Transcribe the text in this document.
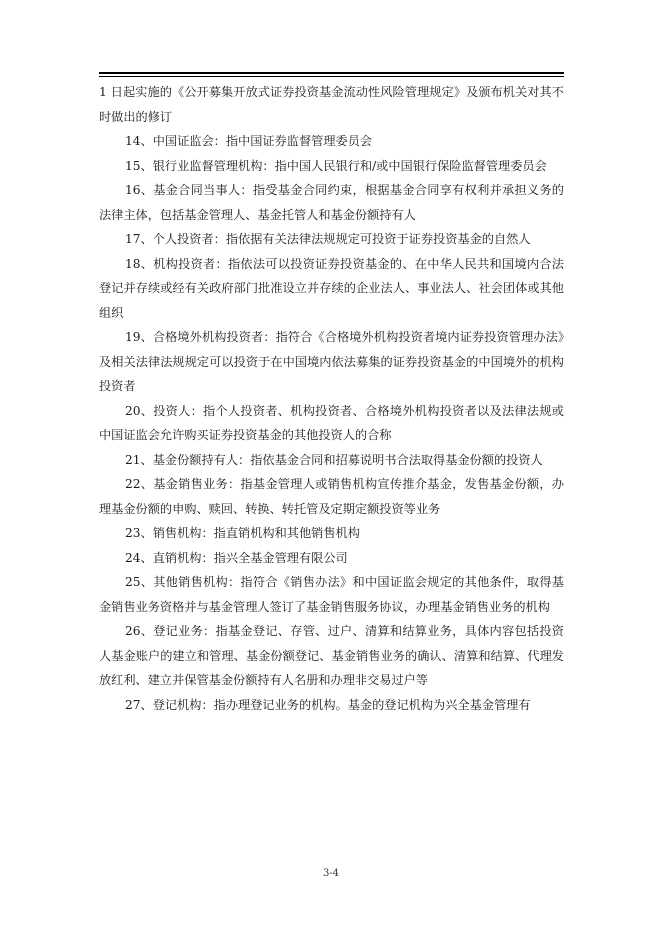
1 日起实施的《公开募集开放式证券投资基金流动性风险管理规定》及颁布机关对其不时做出的修订

14、中国证监会：指中国证券监督管理委员会

15、银行业监督管理机构：指中国人民银行和/或中国银行保险监督管理委员会

16、基金合同当事人：指受基金合同约束，根据基金合同享有权利并承担义务的法律主体，包括基金管理人、基金托管人和基金份额持有人

17、个人投资者：指依据有关法律法规规定可投资于证券投资基金的自然人

18、机构投资者：指依法可以投资证券投资基金的、在中华人民共和国境内合法登记并存续或经有关政府部门批准设立并存续的企业法人、事业法人、社会团体或其他组织

19、合格境外机构投资者：指符合《合格境外机构投资者境内证券投资管理办法》及相关法律法规规定可以投资于在中国境内依法募集的证券投资基金的中国境外的机构投资者

20、投资人：指个人投资者、机构投资者、合格境外机构投资者以及法律法规或中国证监会允许购买证券投资基金的其他投资人的合称

21、基金份额持有人：指依基金合同和招募说明书合法取得基金份额的投资人

22、基金销售业务：指基金管理人或销售机构宣传推介基金，发售基金份额，办理基金份额的申购、赎回、转换、转托管及定期定额投资等业务

23、销售机构：指直销机构和其他销售机构

24、直销机构：指兴全基金管理有限公司

25、其他销售机构：指符合《销售办法》和中国证监会规定的其他条件，取得基金销售业务资格并与基金管理人签订了基金销售服务协议，办理基金销售业务的机构

26、登记业务：指基金登记、存管、过户、清算和结算业务，具体内容包括投资人基金账户的建立和管理、基金份额登记、基金销售业务的确认、清算和结算、代理发放红利、建立并保管基金份额持有人名册和办理非交易过户等

27、登记机构：指办理登记业务的机构。基金的登记机构为兴全基金管理有

3-4
